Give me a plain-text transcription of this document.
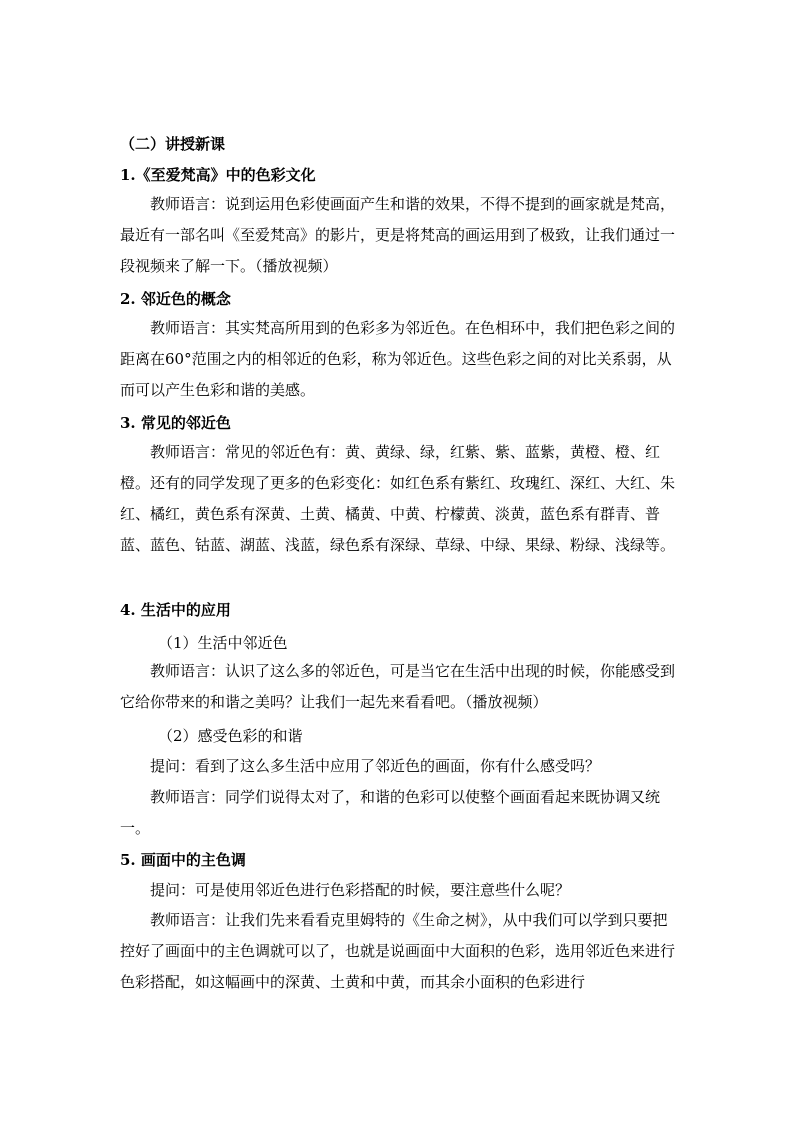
（二）讲授新课
1.《至爱梵高》中的色彩文化

教师语言：说到运用色彩使画面产生和谐的效果，不得不提到的画家就是梵高，最近有一部名叫《至爱梵高》的影片，更是将梵高的画运用到了极致，让我们通过一段视频来了解一下。（播放视频）

2. 邻近色的概念

教师语言：其实梵高所用到的色彩多为邻近色。在色相环中，我们把色彩之间的距离在60°范围之内的相邻近的色彩，称为邻近色。这些色彩之间的对比关系弱，从而可以产生色彩和谐的美感。

3. 常见的邻近色

教师语言：常见的邻近色有：黄、黄绿、绿，红紫、紫、蓝紫，黄橙、橙、红橙。还有的同学发现了更多的色彩变化：如红色系有紫红、玫瑰红、深红、大红、朱红、橘红，黄色系有深黄、土黄、橘黄、中黄、柠檬黄、淡黄，蓝色系有群青、普蓝、蓝色、钴蓝、湖蓝、浅蓝，绿色系有深绿、草绿、中绿、果绿、粉绿、浅绿等。

4. 生活中的应用
（1）生活中邻近色

教师语言：认识了这么多的邻近色，可是当它在生活中出现的时候，你能感受到它给你带来的和谐之美吗？让我们一起先来看看吧。（播放视频）

（2）感受色彩的和谐

提问：看到了这么多生活中应用了邻近色的画面，你有什么感受吗？

教师语言：同学们说得太对了，和谐的色彩可以使整个画面看起来既协调又统一。

5. 画面中的主色调

提问：可是使用邻近色进行色彩搭配的时候，要注意些什么呢？

教师语言：让我们先来看看克里姆特的《生命之树》，从中我们可以学到只要把控好了画面中的主色调就可以了，也就是说画面中大面积的色彩，选用邻近色来进行色彩搭配，如这幅画中的深黄、土黄和中黄，而其余小面积的色彩进行
